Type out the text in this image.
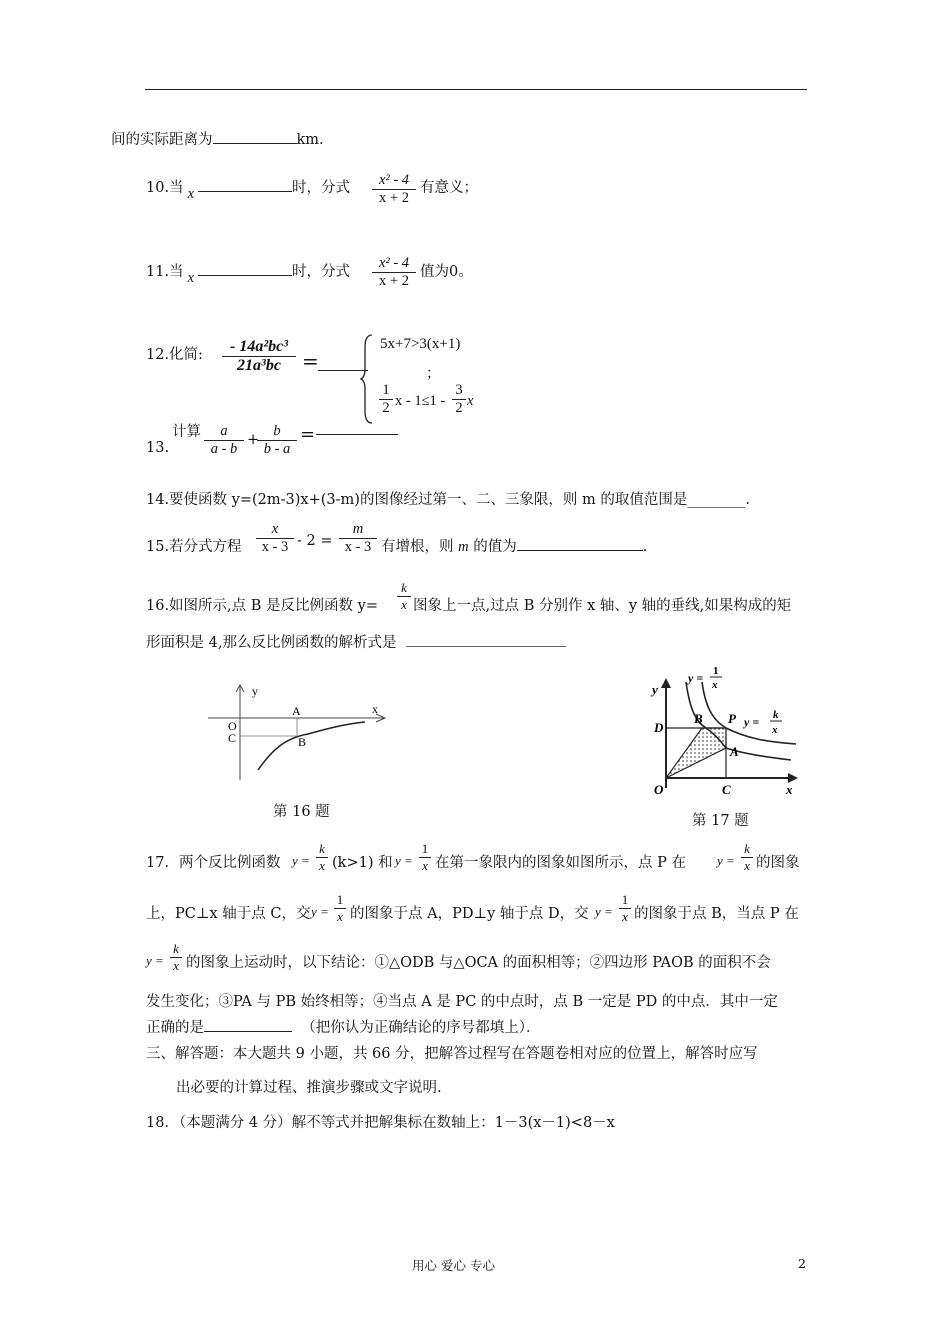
间的实际距离为	km.
10.当 x	时，分式 $\frac{\text{x² - 4}}{x + 2}$ 有意义；
11.当 x	时，分式 $\frac{\text{x² - 4}}{x + 2}$ 值为0。
12.化简: $\frac{\text{- 14a²bc³}}{\text{21a³bc}}$ =
；
5x+7>3(x+1)
$\frac{1}{2}$ $x - 1\le 1 - \frac{3}{2}$ x
计算
13. $\frac{a}{a - b}$ +
$\frac{b}{b - a}$ =
14.要使函数 y=(2m-3)x+(3-m)的图像经过第一、二、三象限，则 m 的取值范围是________.
15.若分式方程 $\frac{x}{x - 3} - 2 = \frac{m}{x - 3}$ 有增根，则 m 的值为	.
16.如图所示,点 B 是反比例函数 $y= \frac{k}{x}$ 图象上一点,过点 B 分别作 x 轴、y 轴的垂线,如果构成的矩
形面积是 4,那么反比例函数的解析式是
y
x
O
C
A
B
第 16 题
y
x
O	C
D
B P
A
y = 1
x
y = k
x
第 17 题
17．两个反比例函数 $y = \frac{k}{x} (k>1)$ 和 $y = \frac{1}{x}$ 在第一象限内的图象如图所示，点 P 在 $y = \frac{k}{x}$ 的图象
上，PC⊥x 轴于点 C，交 $y = \frac{1}{x}$ 的图象于点 A，PD⊥y 轴于点 D，交 $y = \frac{1}{x}$ 的图象于点 B，当点 P 在
$y = \frac{k}{x}$ 的图象上运动时，以下结论：①△ODB 与△OCA 的面积相等；②四边形 PAOB 的面积不会
发生变化；③PA 与 PB 始终相等；④当点 A 是 PC 的中点时，点 B 一定是 PD 的中点．其中一定
正确的是	（把你认为正确结论的序号都填上）．
三、解答题：本大题共 9 小题，共 66 分，把解答过程写在答题卷相对应的位置上，解答时应写
出必要的计算过程、推演步骤或文字说明.
18．（本题满分 4 分）解不等式并把解集标在数轴上：1－3(x－1)<8－x
用心 爱心 专心	2
